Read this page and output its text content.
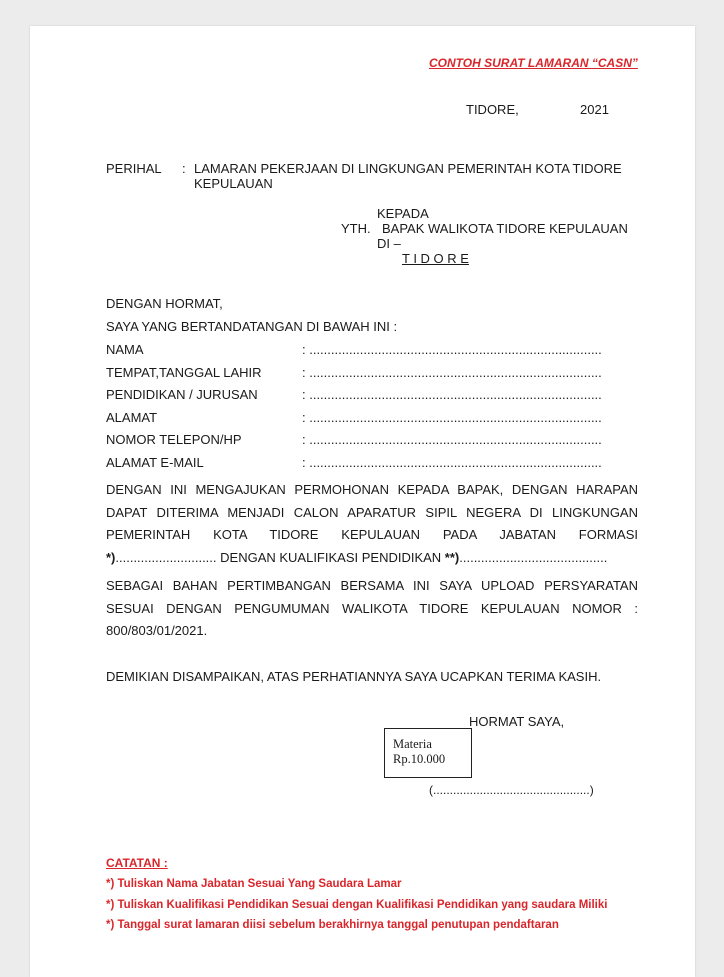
CONTOH SURAT LAMARAN “CASN”
TIDORE,	2021
PERIHAL : LAMARAN PEKERJAAN DI LINGKUNGAN PEMERINTAH KOTA TIDORE
KEPULAUAN
KEPADA
YTH. BAPAK WALIKOTA TIDORE KEPULAUAN
DI –
T I D O R E
DENGAN HORMAT,
SAYA YANG BERTANDATANGAN DI BAWAH INI :
NAMA	: .................................................................................
TEMPAT,TANGGAL LAHIR	: .................................................................................
PENDIDIKAN / JURUSAN	: .................................................................................
ALAMAT	: .................................................................................
NOMOR TELEPON/HP	: .................................................................................
ALAMAT E-MAIL	: .................................................................................
DENGAN INI MENGAJUKAN PERMOHONAN KEPADA BAPAK, DENGAN HARAPAN
DAPAT DITERIMA MENJADI CALON APARATUR SIPIL NEGERA DI LINGKUNGAN
PEMERINTAH KOTA TIDORE KEPULAUAN PADA JABATAN FORMASI
*)............................ DENGAN KUALIFIKASI PENDIDIKAN **).........................................
SEBAGAI BAHAN PERTIMBANGAN BERSAMA INI SAYA UPLOAD PERSYARATAN
SESUAI DENGAN PENGUMUMAN WALIKOTA TIDORE KEPULAUAN NOMOR :
800/803/01/2021.
DEMIKIAN DISAMPAIKAN, ATAS PERHATIANNYA SAYA UCAPKAN TERIMA KASIH.
HORMAT SAYA,
Materia
Rp.10.000
(...............................................)
CATATAN :
*) Tuliskan Nama Jabatan Sesuai Yang Saudara Lamar
*) Tuliskan Kualifikasi Pendidikan Sesuai dengan Kualifikasi Pendidikan yang saudara Miliki
*) Tanggal surat lamaran diisi sebelum berakhirnya tanggal penutupan pendaftaran
